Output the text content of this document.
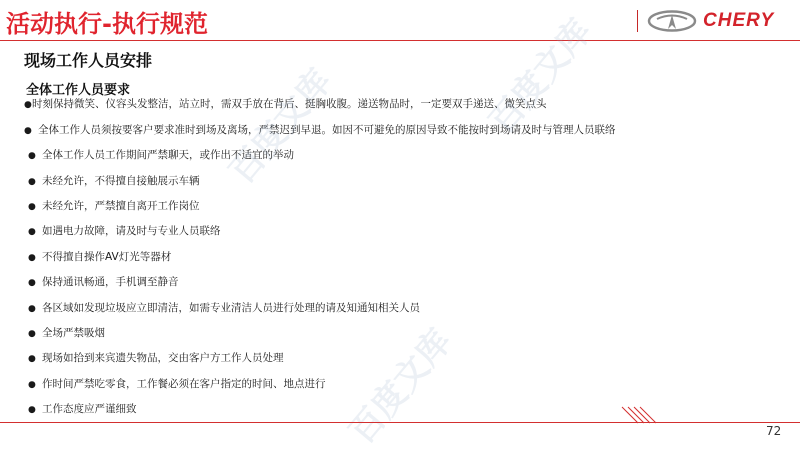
活动执行-执行规范	CHERY
现场工作人员安排
全体工作人员要求
●时刻保持微笑、仪容头发整洁，站立时，需双手放在背后、挺胸收腹。递送物品时，一定要双手递送、微笑点头
● 全体工作人员须按要客户要求准时到场及离场，严禁迟到早退。如因不可避免的原因导致不能按时到场请及时与管理人员联络
● 全体工作人员工作期间严禁聊天，或作出不适宜的举动
● 未经允许，不得擅自接触展示车辆
● 未经允许，严禁擅自离开工作岗位
● 如遇电力故障，请及时与专业人员联络
● 不得擅自操作AV灯光等器材
● 保持通讯畅通，手机调至静音
● 各区域如发现垃圾应立即清洁，如需专业清洁人员进行处理的请及知通知相关人员
● 全场严禁吸烟
● 现场如拾到来宾遗失物品，交由客户方工作人员处理
● 作时间严禁吃零食，工作餐必须在客户指定的时间、地点进行
● 工作态度应严谨细致
百度文库	百度文库
百度文库	72
